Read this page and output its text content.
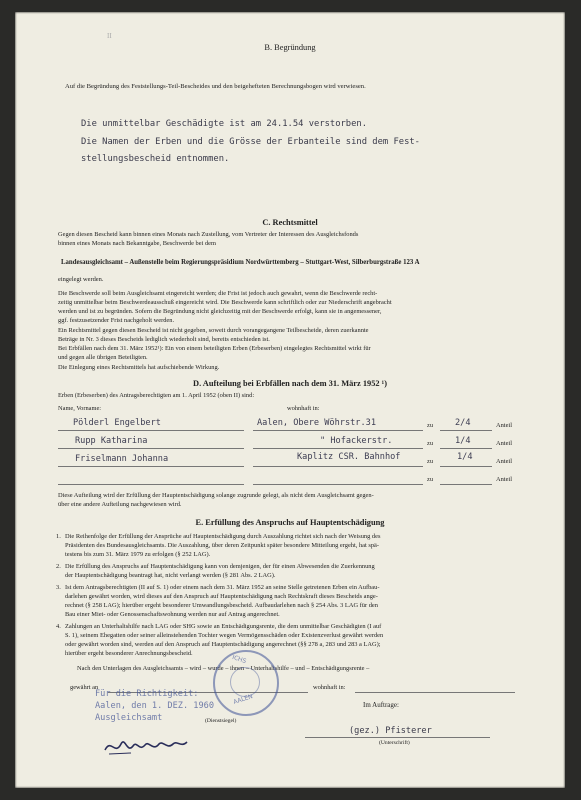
II
B. Begründung
Auf die Begründung des Feststellungs-Teil-Bescheides und den beigehefteten Berechnungsbogen wird verwiesen.
Die unmittelbar Geschädigte ist am 24.1.54 verstorben.
Die Namen der Erben und die Grösse der Erbanteile sind dem Fest-
stellungsbescheid entnommen.
C. Rechtsmittel
Gegen diesen Bescheid kann binnen eines Monats nach Zustellung, vom Vertreter der Interessen des Ausgleichsfonds
binnen eines Monats nach Bekanntgabe, Beschwerde bei dem
Landesausgleichsamt – Außenstelle beim Regierungspräsidium Nordwürttemberg – Stuttgart-West, Silberburgstraße 123 A
eingelegt werden.
Die Beschwerde soll beim Ausgleichsamt eingereicht werden; die Frist ist jedoch auch gewahrt, wenn die Beschwerde recht-
zeitig unmittelbar beim Beschwerdeausschuß eingereicht wird. Die Beschwerde kann schriftlich oder zur Niederschrift angebracht
werden und ist zu begründen. Sofern die Begründung nicht gleichzeitig mit der Beschwerde erfolgt, kann sie in angemessener,
ggf. festzusetzender Frist nachgeholt werden.
Ein Rechtsmittel gegen diesen Bescheid ist nicht gegeben, soweit durch vorangegangene Teilbescheide, deren zuerkannte
Beträge in Nr. 3 dieses Bescheids lediglich wiederholt sind, bereits entschieden ist.
Bei Erbfällen nach dem 31. März 1952¹): Ein von einem beteiligten Erben (Erbeserben) eingelegtes Rechtsmittel wirkt für
und gegen alle übrigen Beteiligten.
Die Einlegung eines Rechtsmittels hat aufschiebende Wirkung.
D. Aufteilung bei Erbfällen nach dem 31. März 1952 ¹)
Erben (Erbeserben) des Antragsberechtigten am 1. April 1952 (oben II) sind:
Name, Vorname:	wohnhaft in:
Pölderl Engelbert	Aalen, Obere Wöhrstr.31	zu	2/4	Anteil
Rupp Katharina	" Hofackerstr.	zu	1/4	Anteil
Friselmann Johanna	Kaplitz CSR. Bahnhof	zu	1/4	Anteil
zu	Anteil
Diese Aufteilung wird der Erfüllung der Hauptentschädigung solange zugrunde gelegt, als nicht dem Ausgleichsamt gegen-
über eine andere Aufteilung nachgewiesen wird.
E. Erfüllung des Anspruchs auf Hauptentschädigung
1. Die Reihenfolge der Erfüllung der Ansprüche auf Hauptentschädigung durch Auszahlung richtet sich nach der Weisung des
Präsidenten des Bundesausgleichsamts. Die Auszahlung, über deren Zeitpunkt später besondere Mitteilung ergeht, hat spä-
testens bis zum 31. März 1979 zu erfolgen (§ 252 LAG).
2. Die Erfüllung des Anspruchs auf Hauptentschädigung kann von demjenigen, der für einen Abwesenden die Zuerkennung
der Hauptentschädigung beantragt hat, nicht verlangt werden (§ 281 Abs. 2 LAG).
3. Ist dem Antragsberechtigten (II auf S. 1) oder einem nach dem 31. März 1952 an seine Stelle getretenen Erben ein Aufbau-
darlehen gewährt worden, wird dieses auf den Anspruch auf Hauptentschädigung nach Rechtskraft dieses Bescheids ange-
rechnet (§ 258 LAG); hierüber ergeht besonderer Umwandlungsbescheid. Aufbaudarlehen nach § 254 Abs. 3 LAG für den
Bau einer Miet- oder Genossenschaftswohnung werden nur auf Antrag angerechnet.
4. Zahlungen an Unterhaltshilfe nach LAG oder SHG sowie an Entschädigungsrente, die dem unmittelbar Geschädigten (I auf
S. 1), seinem Ehegatten oder seiner alleinstehenden Tochter wegen Vermögensschäden oder Existenzverlust gewährt werden
oder gewährt worden sind, werden auf den Anspruch auf Hauptentschädigung angerechnet (§§ 278 a, 283 und 283 a LAG);
hierüber ergeht besonderer Anrechnungsbescheid.
Nach den Unterlagen des Ausgleichsamts – wird – wurde – ihnen – Unterhaltshilfe – und – Entschädigungsrente –
gewährt an	wohnhaft in:
Für die Richtigkeit:
Aalen, den 1. DEZ. 1960
Ausgleichsamt	(Dienstsiegel)
ICHS
AALEN	Im Auftrage:
(gez.) Pfisterer
(Unterschrift)
